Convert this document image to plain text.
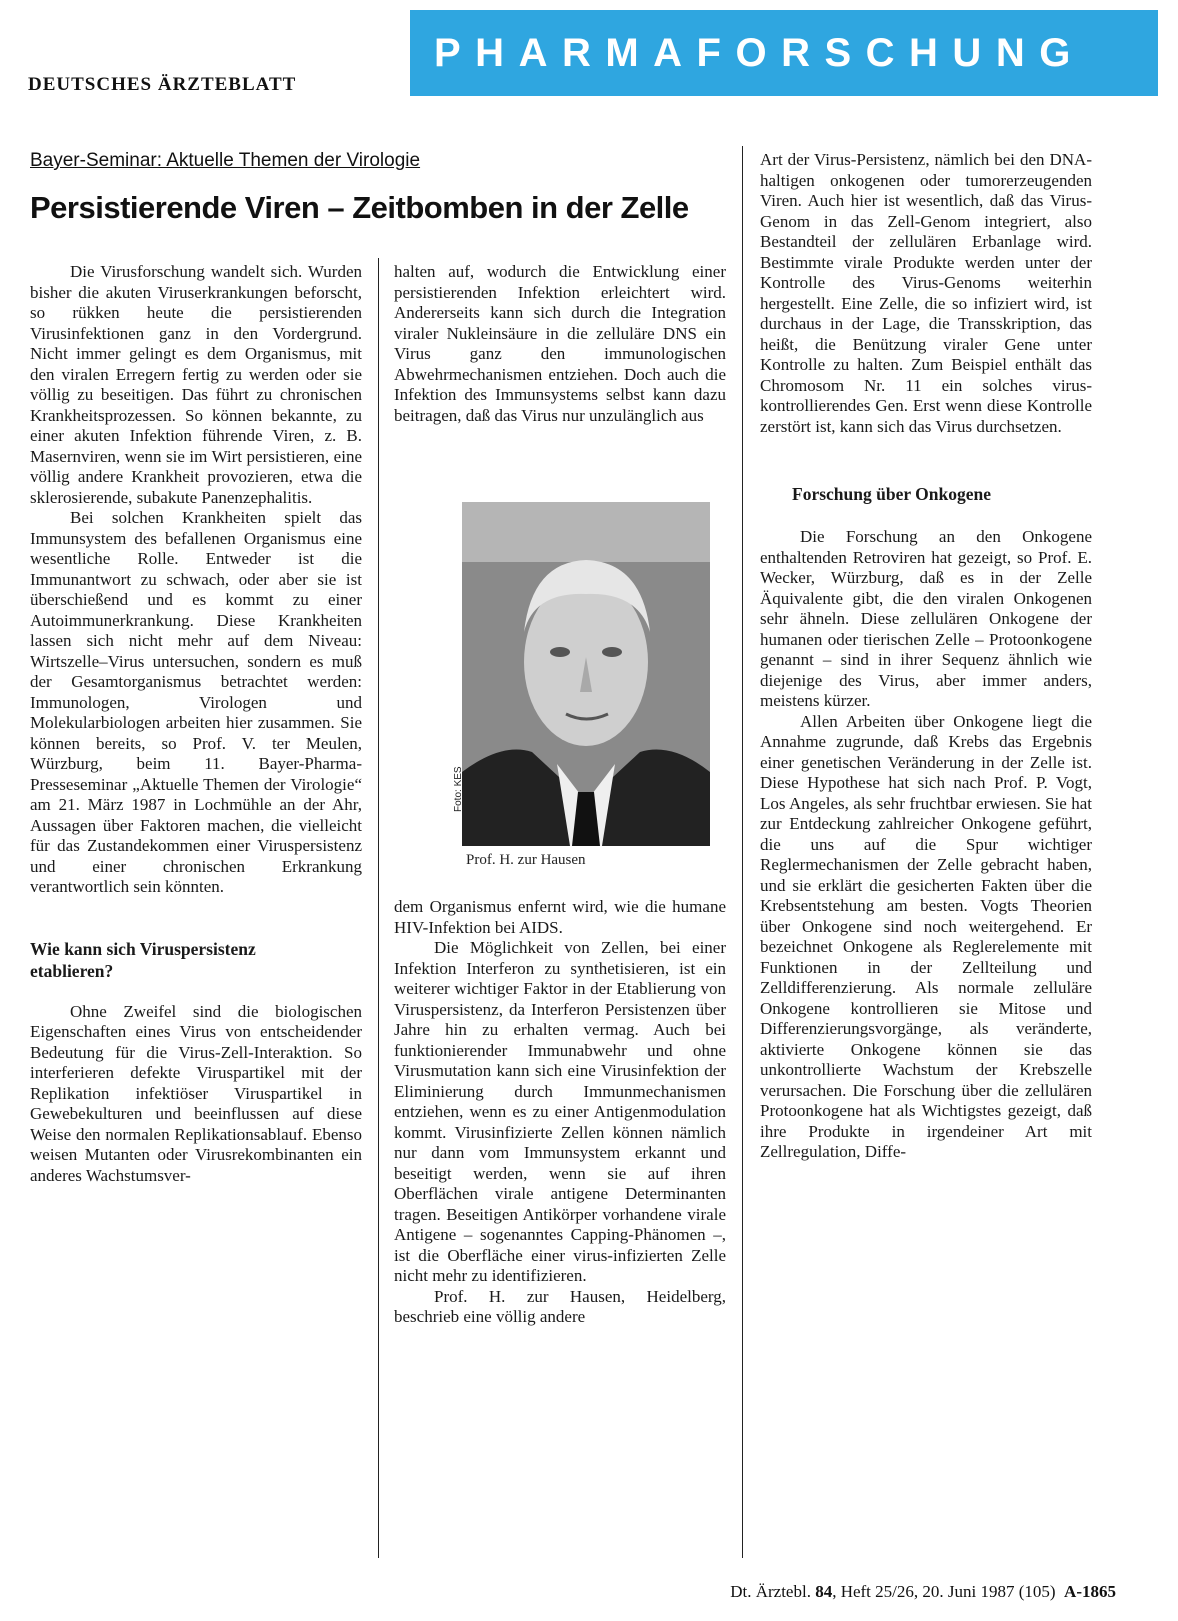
DEUTSCHES ÄRZTEBLATT
PHARMAFORSCHUNG
Bayer-Seminar: Aktuelle Themen der Virologie
Persistierende Viren – Zeitbomben in der Zelle

Die Virusforschung wandelt sich. Wurden bisher die akuten Viruserkrankungen beforscht, so rükken heute die persistierenden Virusinfektionen ganz in den Vordergrund. Nicht immer gelingt es dem Organismus, mit den viralen Erregern fertig zu werden oder sie völlig zu beseitigen. Das führt zu chronischen Krankheitsprozessen. So können bekannte, zu einer akuten Infektion führende Viren, z. B. Masernviren, wenn sie im Wirt persistieren, eine völlig andere Krankheit provozieren, etwa die sklerosierende, subakute Panenzephalitis.

Bei solchen Krankheiten spielt das Immunsystem des befallenen Organismus eine wesentliche Rolle. Entweder ist die Immunantwort zu schwach, oder aber sie ist überschießend und es kommt zu einer Autoimmunerkrankung. Diese Krankheiten lassen sich nicht mehr auf dem Niveau: Wirtszelle–Virus untersuchen, sondern es muß der Gesamtorganismus betrachtet werden: Immunologen, Virologen und Molekularbiologen arbeiten hier zusammen. Sie können bereits, so Prof. V. ter Meulen, Würzburg, beim 11. Bayer-Pharma-Presseseminar „Aktuelle Themen der Virologie“ am 21. März 1987 in Lochmühle an der Ahr, Aussagen über Faktoren machen, die vielleicht für das Zustandekommen einer Viruspersistenz und einer chronischen Erkrankung verantwortlich sein könnten.

Wie kann sich Viruspersistenz etablieren?

Ohne Zweifel sind die biologischen Eigenschaften eines Virus von entscheidender Bedeutung für die Virus-Zell-Interaktion. So interferieren defekte Viruspartikel mit der Replikation infektiöser Viruspartikel in Gewebekulturen und beeinflussen auf diese Weise den normalen Replikationsablauf. Ebenso weisen Mutanten oder Virusrekombinanten ein anderes Wachstumsver-

halten auf, wodurch die Entwicklung einer persistierenden Infektion erleichtert wird. Andererseits kann sich durch die Integration viraler Nukleinsäure in die zelluläre DNS ein Virus ganz den immunologischen Abwehrmechanismen entziehen. Doch auch die Infektion des Immunsystems selbst kann dazu beitragen, daß das Virus nur unzulänglich aus

Foto: KES
Prof. H. zur Hausen

dem Organismus enfernt wird, wie die humane HIV-Infektion bei AIDS.

Die Möglichkeit von Zellen, bei einer Infektion Interferon zu synthetisieren, ist ein weiterer wichtiger Faktor in der Etablierung von Viruspersistenz, da Interferon Persistenzen über Jahre hin zu erhalten vermag. Auch bei funktionierender Immunabwehr und ohne Virusmutation kann sich eine Virusinfektion der Eliminierung durch Immunmechanismen entziehen, wenn es zu einer Antigenmodulation kommt. Virusinfizierte Zellen können nämlich nur dann vom Immunsystem erkannt und beseitigt werden, wenn sie auf ihren Oberflächen virale antigene Determinanten tragen. Beseitigen Antikörper vorhandene virale Antigene – sogenanntes Capping-Phänomen –, ist die Oberfläche einer virus-infizierten Zelle nicht mehr zu identifizieren.

Prof. H. zur Hausen, Heidelberg, beschrieb eine völlig andere

Art der Virus-Persistenz, nämlich bei den DNA-haltigen onkogenen oder tumorerzeugenden Viren. Auch hier ist wesentlich, daß das Virus-Genom in das Zell-Genom integriert, also Bestandteil der zellulären Erbanlage wird. Bestimmte virale Produkte werden unter der Kontrolle des Virus-Genoms weiterhin hergestellt. Eine Zelle, die so infiziert wird, ist durchaus in der Lage, die Transskription, das heißt, die Benützung viraler Gene unter Kontrolle zu halten. Zum Beispiel enthält das Chromosom Nr. 11 ein solches virus-kontrollierendes Gen. Erst wenn diese Kontrolle zerstört ist, kann sich das Virus durchsetzen.

Forschung über Onkogene

Die Forschung an den Onkogene enthaltenden Retroviren hat gezeigt, so Prof. E. Wecker, Würzburg, daß es in der Zelle Äquivalente gibt, die den viralen Onkogenen sehr ähneln. Diese zellulären Onkogene der humanen oder tierischen Zelle – Protoonkogene genannt – sind in ihrer Sequenz ähnlich wie diejenige des Virus, aber immer anders, meistens kürzer.

Allen Arbeiten über Onkogene liegt die Annahme zugrunde, daß Krebs das Ergebnis einer genetischen Veränderung in der Zelle ist. Diese Hypothese hat sich nach Prof. P. Vogt, Los Angeles, als sehr fruchtbar erwiesen. Sie hat zur Entdeckung zahlreicher Onkogene geführt, die uns auf die Spur wichtiger Reglermechanismen der Zelle gebracht haben, und sie erklärt die gesicherten Fakten über die Krebsentstehung am besten. Vogts Theorien über Onkogene sind noch weitergehend. Er bezeichnet Onkogene als Reglerelemente mit Funktionen in der Zellteilung und Zelldifferenzierung. Als normale zelluläre Onkogene kontrollieren sie Mitose und Differenzierungsvorgänge, als veränderte, aktivierte Onkogene können sie das unkontrollierte Wachstum der Krebszelle verursachen. Die Forschung über die zellulären Protoonkogene hat als Wichtigstes gezeigt, daß ihre Produkte in irgendeiner Art mit Zellregulation, Diffe-

Dt. Ärztebl. 84, Heft 25/26, 20. Juni 1987 (105) A-1865
